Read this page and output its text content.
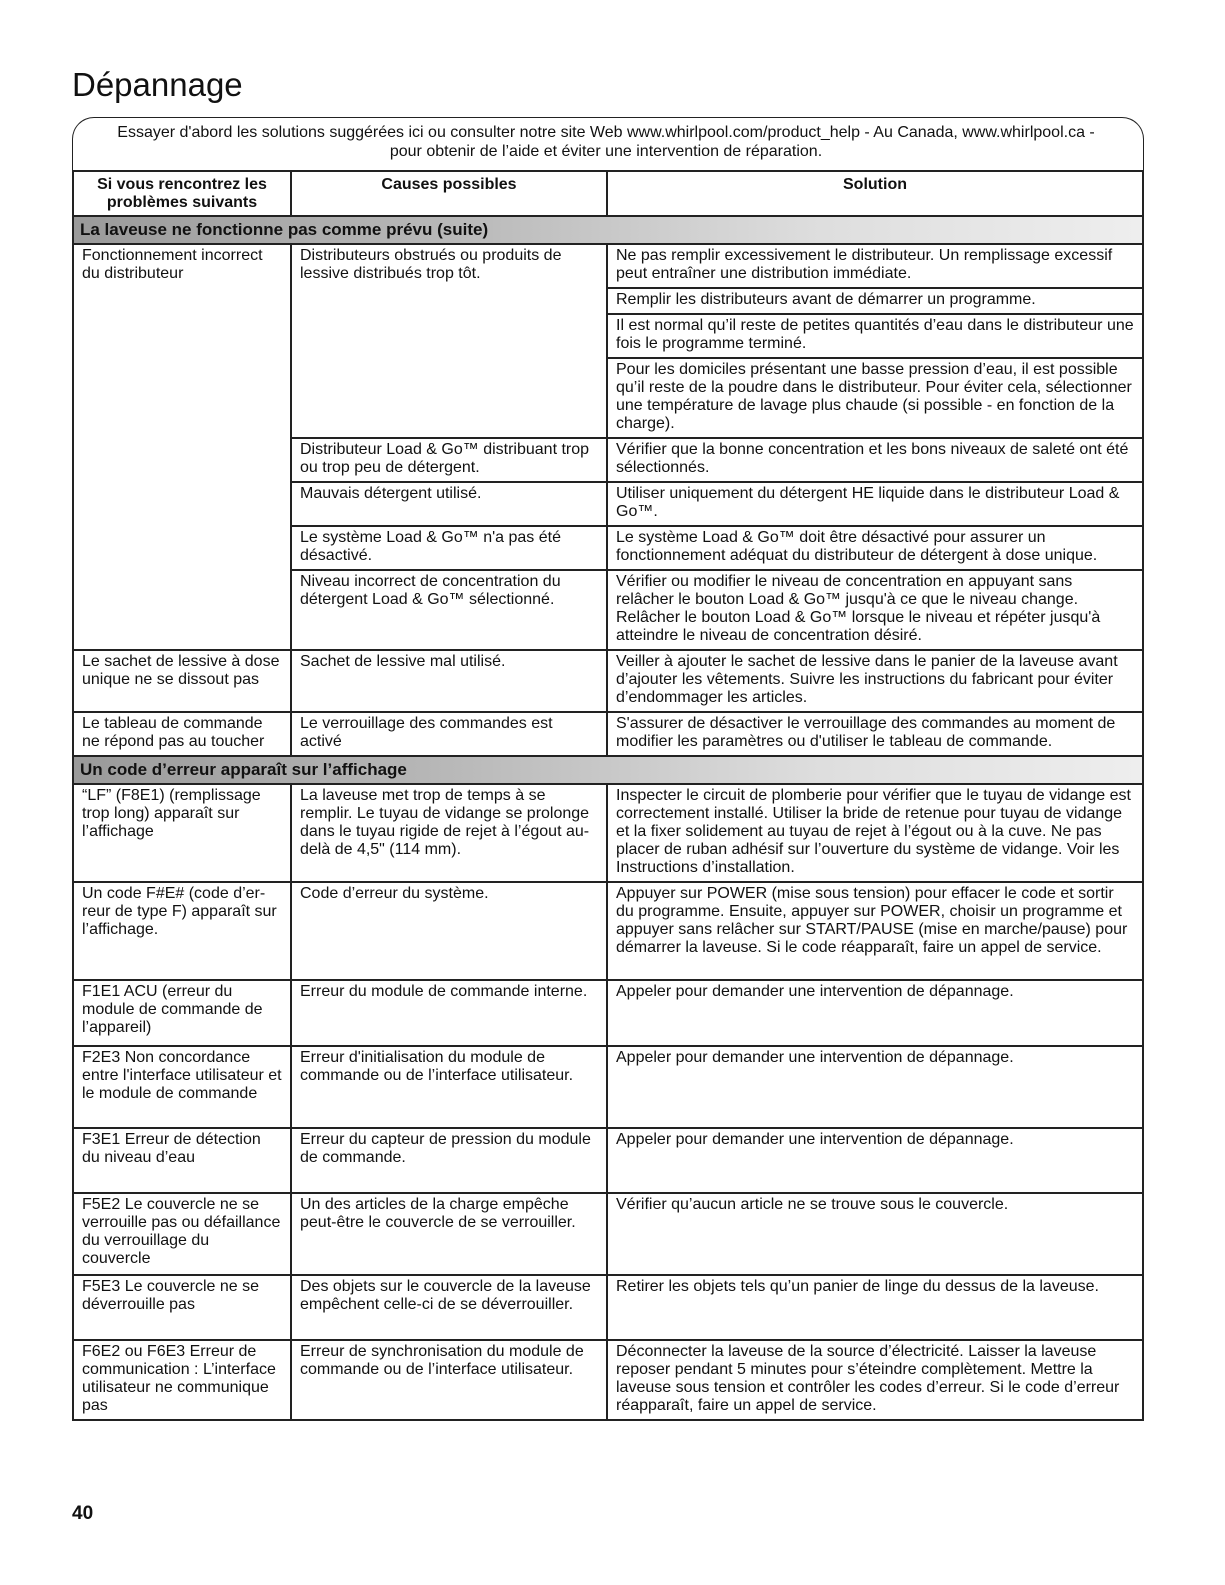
Dépannage

Essayer d'abord les solutions suggérées ici ou consulter notre site Web www.whirlpool.com/product_help - Au Canada, www.whirlpool.ca - pour obtenir de l’aide et éviter une intervention de réparation.

Si vous rencontrez les problèmes suivants	Causes possibles	Solution
La laveuse ne fonctionne pas comme prévu (suite)		
Fonctionnement incorrect du distributeur	Distributeurs obstrués ou produits de lessive distribués trop tôt.	Ne pas remplir excessivement le distributeur. Un remplissage excessif peut entraîner une distribution immédiate.
		Remplir les distributeurs avant de démarrer un programme.
		Il est normal qu’il reste de petites quantités d’eau dans le distributeur une fois le programme terminé.
		Pour les domiciles présentant une basse pression d’eau, il est possible qu’il reste de la poudre dans le distributeur. Pour éviter cela, sélectionner une température de lavage plus chaude (si possible - en fonction de la charge).
	Distributeur Load & Go™ distribuant trop ou trop peu de détergent.	Vérifier que la bonne concentration et les bons niveaux de saleté ont été sélectionnés.
	Mauvais détergent utilisé.	Utiliser uniquement du détergent HE liquide dans le distributeur Load & Go™.
	Le système Load & Go™ n'a pas été désactivé.	Le système Load & Go™ doit être désactivé pour assurer un fonctionnement adéquat du distributeur de détergent à dose unique.
	Niveau incorrect de concentration du détergent Load & Go™ sélectionné.	Vérifier ou modifier le niveau de concentration en appuyant sans relâcher le bouton Load & Go™ jusqu'à ce que le niveau change. Relâcher le bouton Load & Go™ lorsque le niveau et répéter jusqu'à atteindre le niveau de concentration désiré.
Le sachet de lessive à dose unique ne se dissout pas	Sachet de lessive mal utilisé.	Veiller à ajouter le sachet de lessive dans le panier de la laveuse avant d’ajouter les vêtements. Suivre les instructions du fabricant pour éviter d’endommager les articles.
Le tableau de commande ne répond pas au toucher	Le verrouillage des commandes est activé	S'assurer de désactiver le verrouillage des commandes au moment de modifier les paramètres ou d'utiliser le tableau de commande.
Un code d’erreur apparaît sur l’affichage		
“LF” (F8E1) (remplissage trop long) apparaît sur l’affichage	La laveuse met trop de temps à se remplir. Le tuyau de vidange se prolonge dans le tuyau rigide de rejet à l’égout au-delà de 4,5" (114 mm).	Inspecter le circuit de plomberie pour vérifier que le tuyau de vidange est correctement installé. Utiliser la bride de retenue pour tuyau de vidange et la fixer solidement au tuyau de rejet à l’égout ou à la cuve. Ne pas placer de ruban adhésif sur l’ouverture du système de vidange. Voir les Instructions d’installation.
Un code F#E# (code d’er-reur de type F) apparaît sur l’affichage.	Code d’erreur du système.	Appuyer sur POWER (mise sous tension) pour effacer le code et sortir du programme. Ensuite, appuyer sur POWER, choisir un programme et appuyer sans relâcher sur START/PAUSE (mise en marche/pause) pour démarrer la laveuse. Si le code réapparaît, faire un appel de service.
F1E1 ACU (erreur du module de commande de l’appareil)	Erreur du module de commande interne.	Appeler pour demander une intervention de dépannage.
F2E3 Non concordance entre l'interface utilisateur et le module de commande	Erreur d'initialisation du module de commande ou de l’interface utilisateur.	Appeler pour demander une intervention de dépannage.
F3E1 Erreur de détection du niveau d’eau	Erreur du capteur de pression du module de commande.	Appeler pour demander une intervention de dépannage.
F5E2 Le couvercle ne se verrouille pas ou défaillance du verrouillage du couvercle	Un des articles de la charge empêche peut-être le couvercle de se verrouiller.	Vérifier qu’aucun article ne se trouve sous le couvercle.
F5E3 Le couvercle ne se déverrouille pas	Des objets sur le couvercle de la laveuse empêchent celle-ci de se déverrouiller.	Retirer les objets tels qu’un panier de linge du dessus de la laveuse.
F6E2 ou F6E3 Erreur de communication : L’interface utilisateur ne communique pas	Erreur de synchronisation du module de commande ou de l’interface utilisateur.	Déconnecter la laveuse de la source d’électricité. Laisser la laveuse reposer pendant 5 minutes pour s’éteindre complètement. Mettre la laveuse sous tension et contrôler les codes d’erreur. Si le code d’erreur réapparaît, faire un appel de service.

40
